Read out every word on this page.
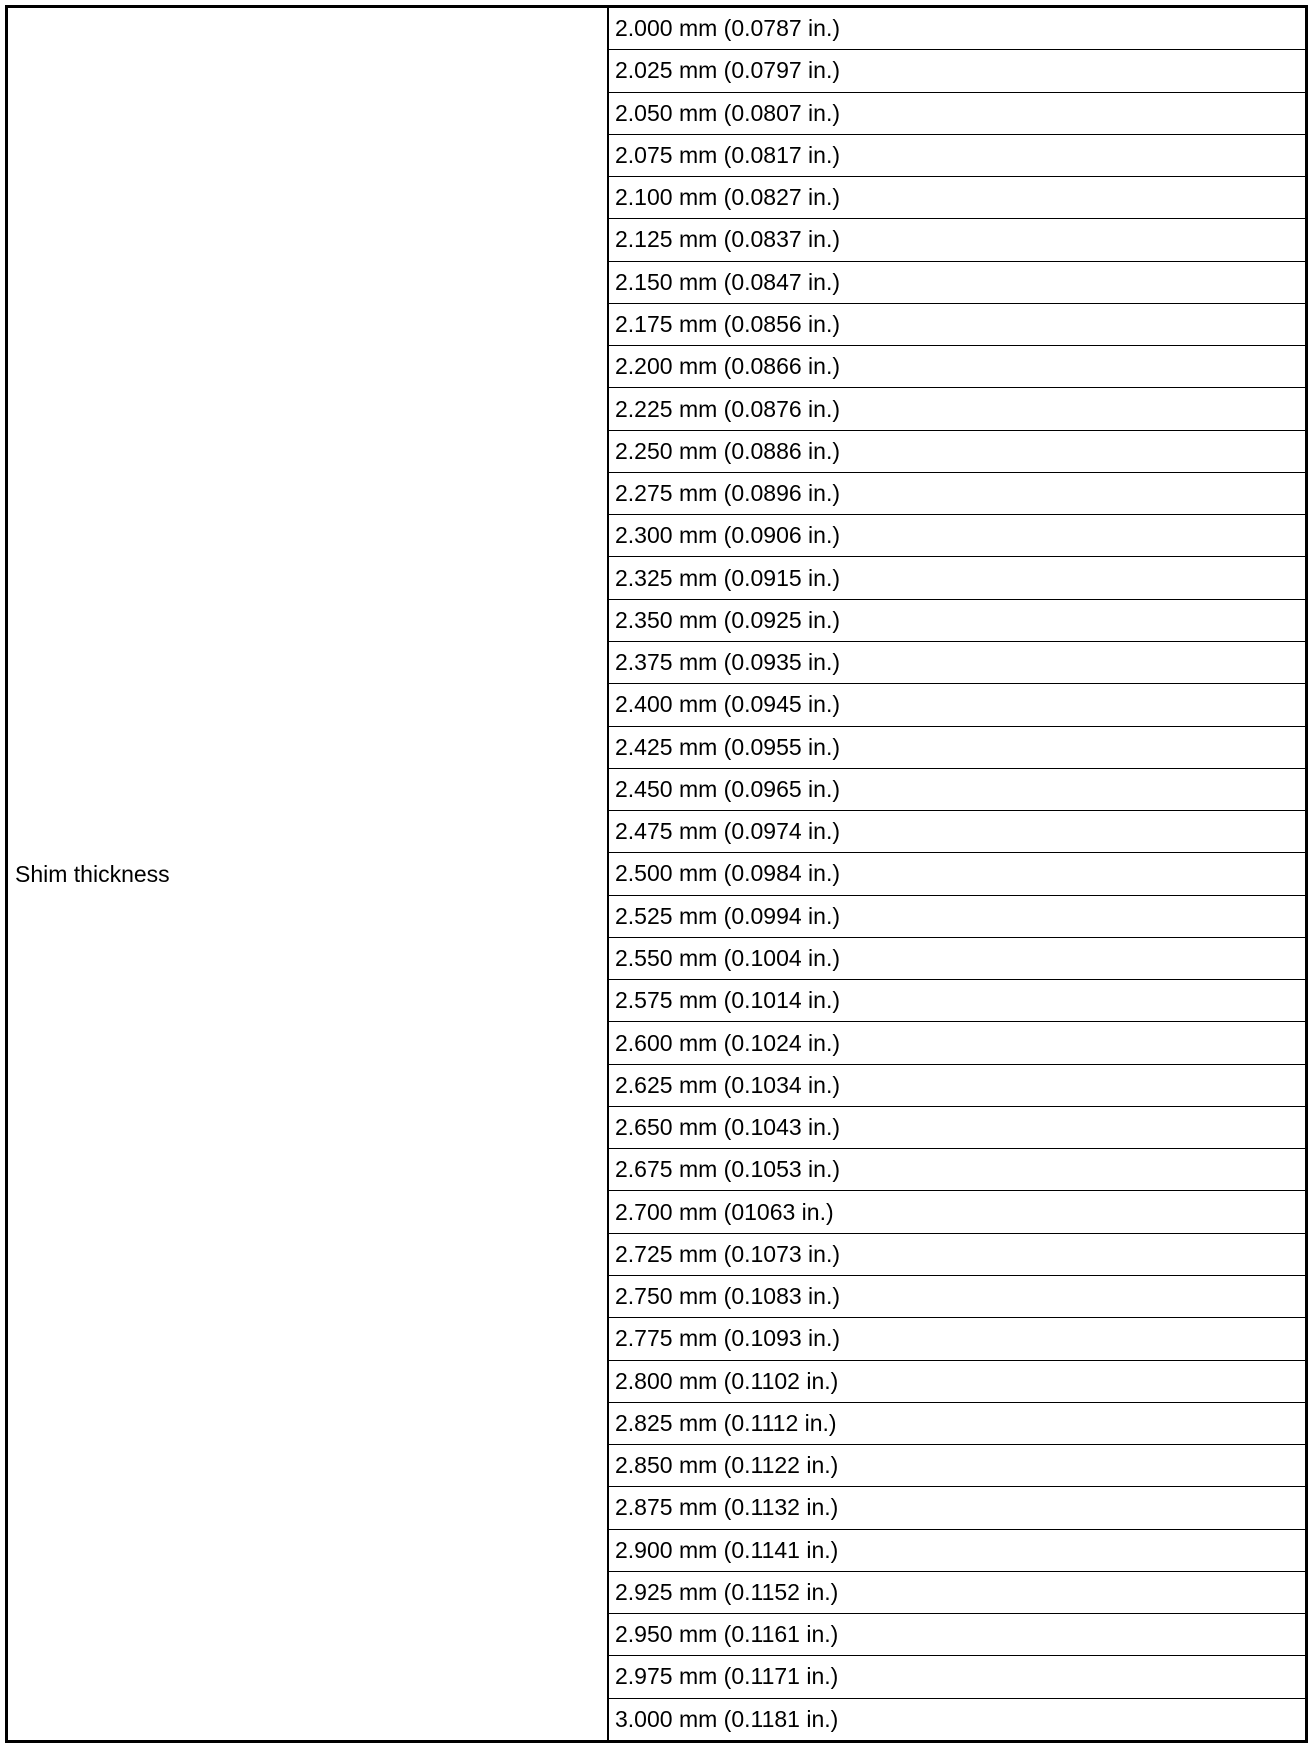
Shim thickness
2.000 mm (0.0787 in.)
2.025 mm (0.0797 in.)
2.050 mm (0.0807 in.)
2.075 mm (0.0817 in.)
2.100 mm (0.0827 in.)
2.125 mm (0.0837 in.)
2.150 mm (0.0847 in.)
2.175 mm (0.0856 in.)
2.200 mm (0.0866 in.)
2.225 mm (0.0876 in.)
2.250 mm (0.0886 in.)
2.275 mm (0.0896 in.)
2.300 mm (0.0906 in.)
2.325 mm (0.0915 in.)
2.350 mm (0.0925 in.)
2.375 mm (0.0935 in.)
2.400 mm (0.0945 in.)
2.425 mm (0.0955 in.)
2.450 mm (0.0965 in.)
2.475 mm (0.0974 in.)
2.500 mm (0.0984 in.)
2.525 mm (0.0994 in.)
2.550 mm (0.1004 in.)
2.575 mm (0.1014 in.)
2.600 mm (0.1024 in.)
2.625 mm (0.1034 in.)
2.650 mm (0.1043 in.)
2.675 mm (0.1053 in.)
2.700 mm (01063 in.)
2.725 mm (0.1073 in.)
2.750 mm (0.1083 in.)
2.775 mm (0.1093 in.)
2.800 mm (0.1102 in.)
2.825 mm (0.1112 in.)
2.850 mm (0.1122 in.)
2.875 mm (0.1132 in.)
2.900 mm (0.1141 in.)
2.925 mm (0.1152 in.)
2.950 mm (0.1161 in.)
2.975 mm (0.1171 in.)
3.000 mm (0.1181 in.)
